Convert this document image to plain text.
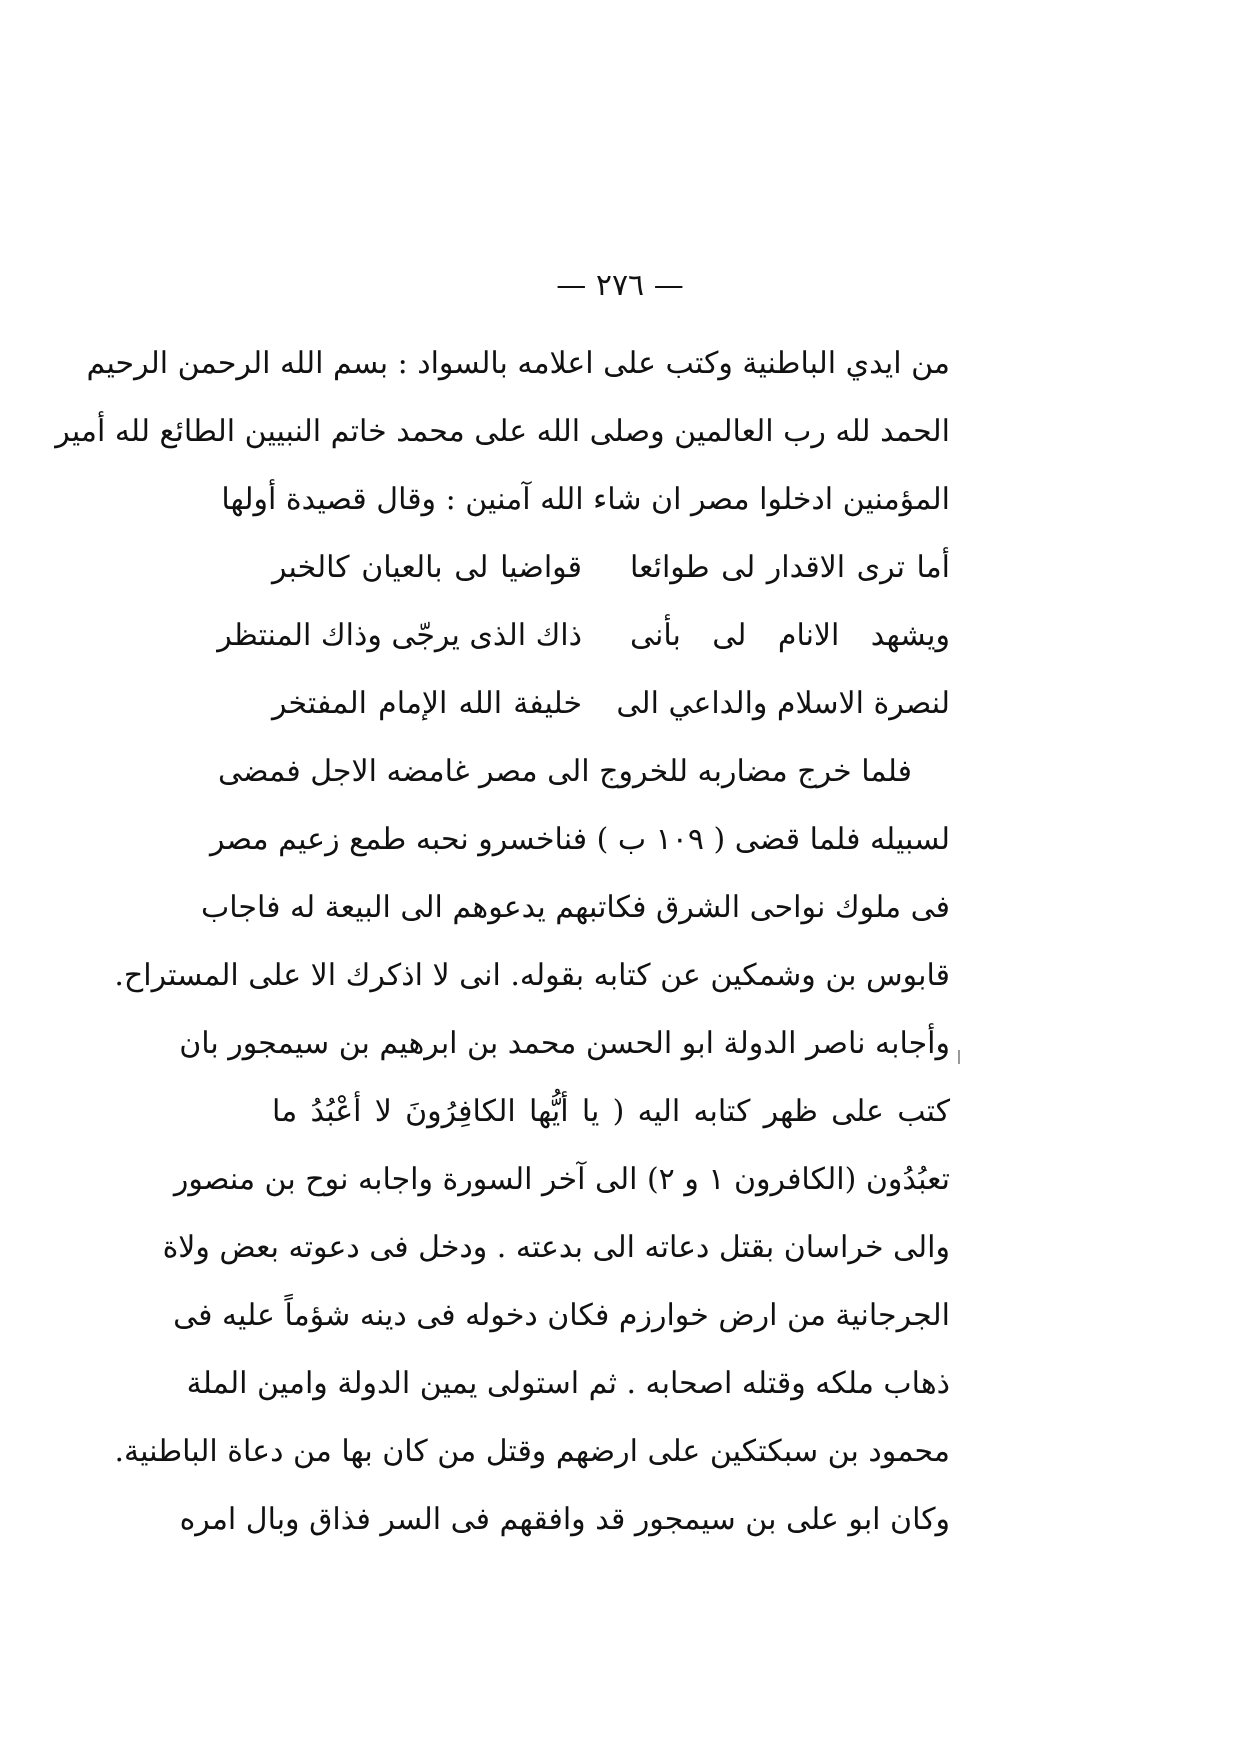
— ٢٧٦ —
من ايدي الباطنية وكتب على اعلامه بالسواد : بسم الله الرحمن الرحيم
الحمد لله رب العالمين وصلى الله على محمد خاتم النبيين الطائع لله أمير
المؤمنين ادخلوا مصر ان شاء الله آمنين : وقال قصيدة أولها
أما ترى الاقدار لى طوائعا
قواضيا لى بالعيان كالخبر
ويشهد الانام لى بأنى
ذاك الذى يرجّى وذاك المنتظر
لنصرة الاسلام والداعي الى
خليفة الله الإمام المفتخر
فلما خرج مضاربه للخروج الى مصر غامضه الاجل فمضى
لسبيله فلما قضى ( ١٠٩ ب ) فناخسرو نحبه طمع زعيم مصر
فى ملوك نواحى الشرق فكاتبهم يدعوهم الى البيعة له فاجاب
قابوس بن وشمكين عن كتابه بقوله. انى لا اذكرك الا على المستراح.
وأجابه ناصر الدولة ابو الحسن محمد بن ابرهيم بن سيمجور بان
كتب على ظهر كتابه اليه ( يا أيُّها الكافِرُونَ لا أعْبُدُ ما
تعبُدُون (الكافرون ١ و ٢) الى آخر السورة واجابه نوح بن منصور
والى خراسان بقتل دعاته الى بدعته . ودخل فى دعوته بعض ولاة
الجرجانية من ارض خوارزم فكان دخوله فى دينه شؤماً عليه فى
ذهاب ملكه وقتله اصحابه . ثم استولى يمين الدولة وامين الملة
محمود بن سبكتكين على ارضهم وقتل من كان بها من دعاة الباطنية.
وكان ابو على بن سيمجور قد وافقهم فى السر فذاق وبال امره
